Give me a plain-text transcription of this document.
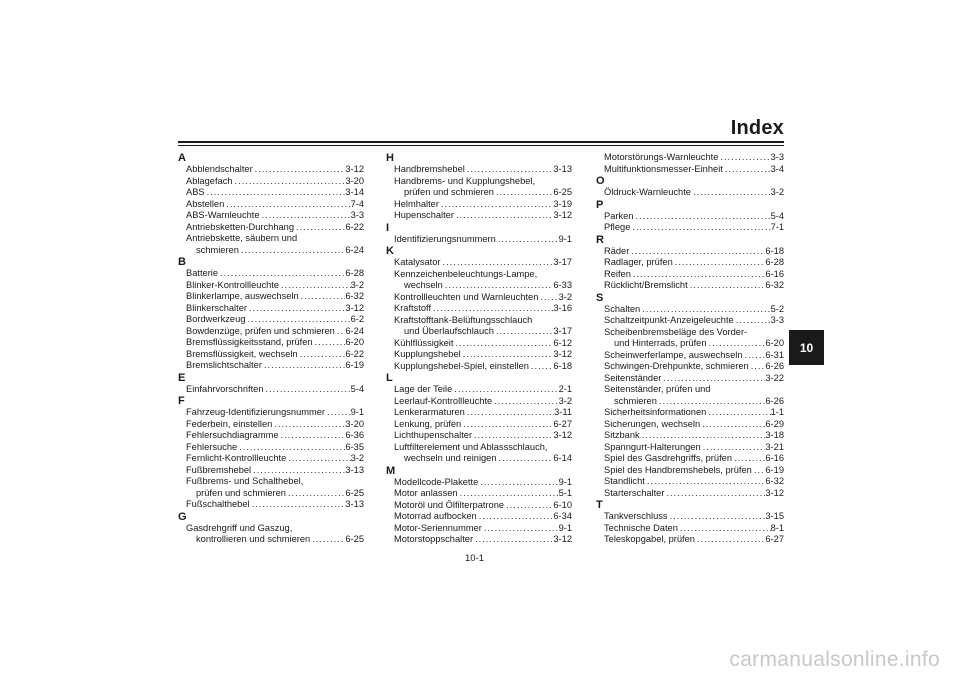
Index
A
Abblendschalter .....	3-12
Ablagefach .....	3-20
ABS .....	3-14
Abstellen .....	7-4
ABS-Warnleuchte .....	3-3
Antriebsketten-Durchhang .....	6-22
Antriebskette, säubern und
schmieren .....	6-24
B
Batterie .....	6-28
Blinker-Kontrollleuchte .....	3-2
Blinkerlampe, auswechseln .....	6-32
Blinkerschalter .....	3-12
Bordwerkzeug .....	6-2
Bowdenzüge, prüfen und schmieren ..... 6-24
Bremsflüssigkeitsstand, prüfen .....	6-20
Bremsflüssigkeit, wechseln .....	6-22
Bremslichtschalter .....	6-19
E
Einfahrvorschriften .....	5-4
F
Fahrzeug-Identifizierungsnummer .....	9-1
Federbein, einstellen .....	3-20
Fehlersuchdiagramme .....	6-36
Fehlersuche .....	6-35
Fernlicht-Kontrollleuchte .....	3-2
Fußbremshebel .....	3-13
Fußbrems- und Schalthebel,
prüfen und schmieren .....	6-25
Fußschalthebel .....	3-13
G
Gasdrehgriff und Gaszug,
kontrollieren und schmieren .....	6-25
H
Handbremshebel .....	3-13
Handbrems- und Kupplungshebel,
prüfen und schmieren .....	6-25
Helmhalter .....	3-19
Hupenschalter .....	3-12
I
Identifizierungsnummern .....	9-1
K
Katalysator .....	3-17
Kennzeichenbeleuchtungs-Lampe,
wechseln .....	6-33
Kontrollleuchten und Warnleuchten ..... 3-2
Kraftstoff .....	3-16
Kraftstofftank-Belüftungsschlauch
und Überlaufschlauch .....	3-17
Kühlflüssigkeit .....	6-12
Kupplungshebel .....	3-12
Kupplungshebel-Spiel, einstellen .....	6-18
L
Lage der Teile .....	2-1
Leerlauf-Kontrollleuchte .....	3-2
Lenkerarmaturen .....	3-11
Lenkung, prüfen .....	6-27
Lichthupenschalter .....	3-12
Luftfilterelement und Ablassschlauch,
wechseln und reinigen .....	6-14
M
Modellcode-Plakette .....	9-1
Motor anlassen .....	5-1
Motoröl und Ölfilterpatrone .....	6-10
Motorrad aufbocken .....	6-34
Motor-Seriennummer .....	9-1
Motorstoppschalter .....	3-12
Motorstörungs-Warnleuchte .....	3-3
Multifunktionsmesser-Einheit .....	3-4
O
Öldruck-Warnleuchte .....	3-2
P
Parken .....	5-4
Pflege .....	7-1
R
Räder .....	6-18
Radlager, prüfen .....	6-28
Reifen .....	6-16
Rücklicht/Bremslicht .....	6-32
S
Schalten .....	5-2
Schaltzeitpunkt-Anzeigeleuchte .....	3-3
Scheibenbremsbeläge des Vorder-
und Hinterrads, prüfen .....	6-20
Scheinwerferlampe, auswechseln ..... 6-31
Schwingen-Drehpunkte, schmieren ..... 6-26
Seitenständer .....	3-22
Seitenständer, prüfen und
schmieren .....	6-26
Sicherheitsinformationen .....	1-1
Sicherungen, wechseln .....	6-29
Sitzbank .....	3-18
Spanngurt-Halterungen .....	3-21
Spiel des Gasdrehgriffs, prüfen .....	6-16
Spiel des Handbremshebels, prüfen ..... 6-19
Standlicht .....	6-32
Starterschalter .....	3-12
T
Tankverschluss .....	3-15
Technische Daten .....	8-1
Teleskopgabel, prüfen .....	6-27
10
10-1
carmanualsonline.info
